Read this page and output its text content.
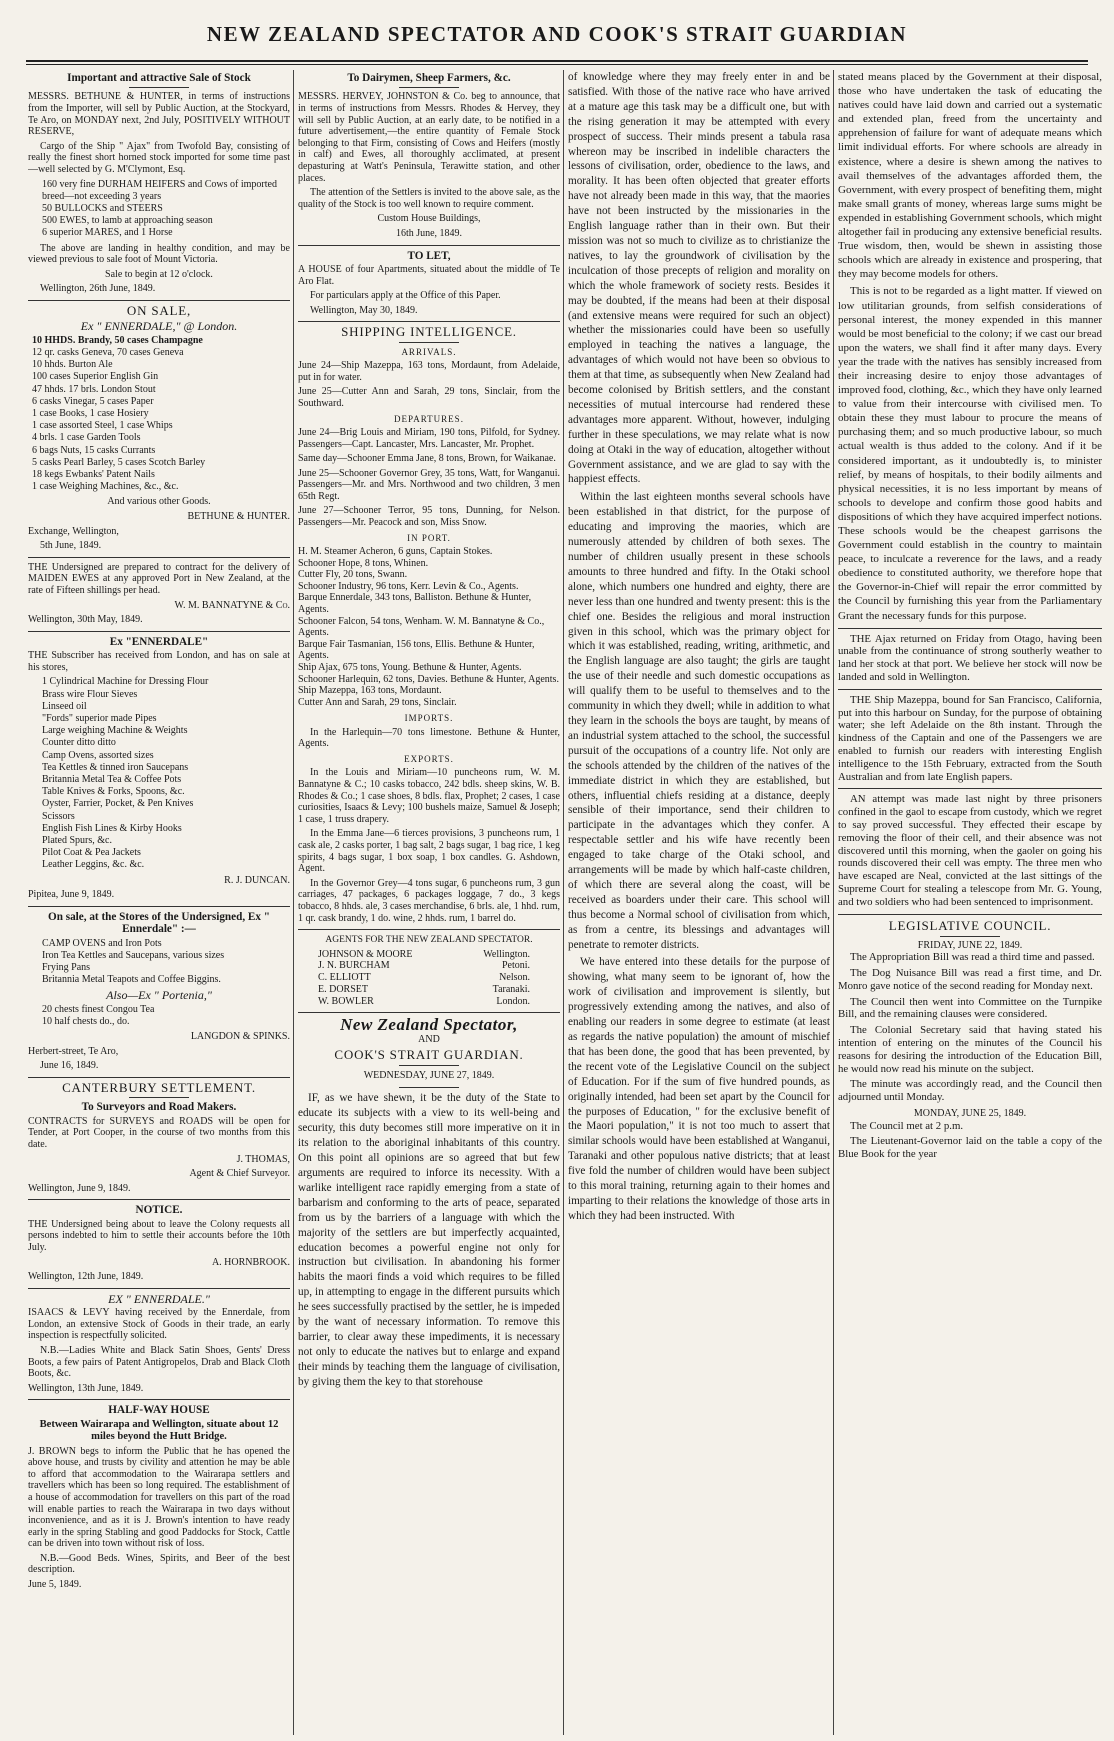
NEW ZEALAND SPECTATOR AND COOK'S STRAIT GUARDIAN
Important and attractive Sale of Stock

MESSRS. BETHUNE & HUNTER, in terms of instructions from the Importer, will sell by Public Auction, at the Stockyard, Te Aro, on MONDAY next, 2nd July, POSITIVELY WITHOUT RESERVE,

Cargo of the Ship " Ajax" from Twofold Bay, consisting of really the finest short horned stock imported for some time past—well selected by G. M'Clymont, Esq.

160 very fine DURHAM HEIFERS and Cows of imported breed—not exceeding 3 years
50 BULLOCKS and STEERS
500 EWES, to lamb at approaching season
6 superior MARES, and 1 Horse

The above are landing in healthy condition, and may be viewed previous to sale foot of Mount Victoria.

Sale to begin at 12 o'clock.

Wellington, 26th June, 1849.

ON SALE,
Ex " ENNERDALE," @ London.
10 HHDS. Brandy, 50 cases Champagne
12 qr. casks Geneva, 70 cases Geneva
10 hhds. Burton Ale
100 cases Superior English Gin
47 hhds. 17 brls. London Stout
6 casks Vinegar, 5 cases Paper
1 case Books, 1 case Hosiery
1 case assorted Steel, 1 case Whips
4 brls. 1 case Garden Tools
6 bags Nuts, 15 casks Currants
5 casks Pearl Barley, 5 cases Scotch Barley
18 kegs Ewbanks' Patent Nails
1 case Weighing Machines, &c., &c.

And various other Goods.

BETHUNE & HUNTER.

Exchange, Wellington,

5th June, 1849.

THE Undersigned are prepared to contract for the delivery of MAIDEN EWES at any approved Port in New Zealand, at the rate of Fifteen shillings per head.

W. M. BANNATYNE & Co.

Wellington, 30th May, 1849.

Ex "ENNERDALE"

THE Subscriber has received from London, and has on sale at his stores,

1 Cylindrical Machine for Dressing Flour
Brass wire Flour Sieves
Linseed oil
"Fords" superior made Pipes
Large weighing Machine & Weights
Counter ditto ditto
Camp Ovens, assorted sizes
Tea Kettles & tinned iron Saucepans
Britannia Metal Tea & Coffee Pots
Table Knives & Forks, Spoons, &c.
Oyster, Farrier, Pocket, & Pen Knives
Scissors
English Fish Lines & Kirby Hooks
Plated Spurs, &c.
Pilot Coat & Pea Jackets
Leather Leggins, &c. &c.

R. J. DUNCAN.

Pipitea, June 9, 1849.

On sale, at the Stores of the Undersigned, Ex " Ennerdale" :—
CAMP OVENS and Iron Pots
Iron Tea Kettles and Saucepans, various sizes
Frying Pans
Britannia Metal Teapots and Coffee Biggins.
Also—Ex " Portenia,"
20 chests finest Congou Tea
10 half chests do., do.

LANGDON & SPINKS.

Herbert-street, Te Aro,

June 16, 1849.

CANTERBURY SETTLEMENT.
To Surveyors and Road Makers.

CONTRACTS for SURVEYS and ROADS will be open for Tender, at Port Cooper, in the course of two months from this date.

J. THOMAS,

Agent & Chief Surveyor.

Wellington, June 9, 1849.

NOTICE.

THE Undersigned being about to leave the Colony requests all persons indebted to him to settle their accounts before the 10th July.

A. HORNBROOK.

Wellington, 12th June, 1849.

EX " ENNERDALE."

ISAACS & LEVY having received by the Ennerdale, from London, an extensive Stock of Goods in their trade, an early inspection is respectfully solicited.

N.B.—Ladies White and Black Satin Shoes, Gents' Dress Boots, a few pairs of Patent Antigropelos, Drab and Black Cloth Boots, &c.

Wellington, 13th June, 1849.

HALF-WAY HOUSE
Between Wairarapa and Wellington, situate about 12 miles beyond the Hutt Bridge.

J. BROWN begs to inform the Public that he has opened the above house, and trusts by civility and attention he may be able to afford that accommodation to the Wairarapa settlers and travellers which has been so long required. The establishment of a house of accommodation for travellers on this part of the road will enable parties to reach the Wairarapa in two days without inconvenience, and as it is J. Brown's intention to have ready early in the spring Stabling and good Paddocks for Stock, Cattle can be driven into town without risk of loss.

N.B.—Good Beds. Wines, Spirits, and Beer of the best description.

June 5, 1849.

To Dairymen, Sheep Farmers, &c.

MESSRS. HERVEY, JOHNSTON & Co. beg to announce, that in terms of instructions from Messrs. Rhodes & Hervey, they will sell by Public Auction, at an early date, to be notified in a future advertisement,—the entire quantity of Female Stock belonging to that Firm, consisting of Cows and Heifers (mostly in calf) and Ewes, all thoroughly acclimated, at present depasturing at Watt's Peninsula, Terawitte station, and other places.

The attention of the Settlers is invited to the above sale, as the quality of the Stock is too well known to require comment.

Custom House Buildings,

16th June, 1849.

TO LET,

A HOUSE of four Apartments, situated about the middle of Te Aro Flat.

For particulars apply at the Office of this Paper.

Wellington, May 30, 1849.

SHIPPING INTELLIGENCE.
ARRIVALS.

June 24—Ship Mazeppa, 163 tons, Mordaunt, from Adelaide, put in for water.

June 25—Cutter Ann and Sarah, 29 tons, Sinclair, from the Southward.

DEPARTURES.

June 24—Brig Louis and Miriam, 190 tons, Pilfold, for Sydney. Passengers—Capt. Lancaster, Mrs. Lancaster, Mr. Prophet.

Same day—Schooner Emma Jane, 8 tons, Brown, for Waikanae.

June 25—Schooner Governor Grey, 35 tons, Watt, for Wanganui. Passengers—Mr. and Mrs. Northwood and two children, 3 men 65th Regt.

June 27—Schooner Terror, 95 tons, Dunning, for Nelson. Passengers—Mr. Peacock and son, Miss Snow.

IN PORT.
H. M. Steamer Acheron, 6 guns, Captain Stokes.
Schooner Hope, 8 tons, Whinen.
Cutter Fly, 20 tons, Swann.
Schooner Industry, 96 tons, Kerr. Levin & Co., Agents.
Barque Ennerdale, 343 tons, Balliston. Bethune & Hunter, Agents.
Schooner Falcon, 54 tons, Wenham. W. M. Bannatyne & Co., Agents.
Barque Fair Tasmanian, 156 tons, Ellis. Bethune & Hunter, Agents.
Ship Ajax, 675 tons, Young. Bethune & Hunter, Agents.
Schooner Harlequin, 62 tons, Davies. Bethune & Hunter, Agents.
Ship Mazeppa, 163 tons, Mordaunt.
Cutter Ann and Sarah, 29 tons, Sinclair.
IMPORTS.

In the Harlequin—70 tons limestone. Bethune & Hunter, Agents.

EXPORTS.

In the Louis and Miriam—10 puncheons rum, W. M. Bannatyne & C.; 10 casks tobacco, 242 bdls. sheep skins, W. B. Rhodes & Co.; 1 case shoes, 8 bdls. flax, Prophet; 2 cases, 1 case curiosities, Isaacs & Levy; 100 bushels maize, Samuel & Joseph; 1 case, 1 truss drapery.

In the Emma Jane—6 tierces provisions, 3 puncheons rum, 1 cask ale, 2 casks porter, 1 bag salt, 2 bags sugar, 1 bag rice, 1 keg spirits, 4 bags sugar, 1 box soap, 1 box candles. G. Ashdown, Agent.

In the Governor Grey—4 tons sugar, 6 puncheons rum, 3 gun carriages, 47 packages, 6 packages loggage, 7 do., 3 kegs tobacco, 8 hhds. ale, 3 cases merchandise, 6 brls. ale, 1 hhd. rum, 1 qr. cask brandy, 1 do. wine, 2 hhds. rum, 1 barrel do.

AGENTS FOR THE NEW ZEALAND SPECTATOR.
JOHNSON & MOORE	Wellington.
J. N. BURCHAM	Petoni.
C. ELLIOTT	Nelson.
E. DORSET	Taranaki.
W. BOWLER	London.
New Zealand Spectator,
AND
COOK'S STRAIT GUARDIAN.
WEDNESDAY, JUNE 27, 1849.

IF, as we have shewn, it be the duty of the State to educate its subjects with a view to its well-being and security, this duty becomes still more imperative on it in its relation to the aboriginal inhabitants of this country. On this point all opinions are so agreed that but few arguments are required to inforce its necessity. With a warlike intelligent race rapidly emerging from a state of barbarism and conforming to the arts of peace, separated from us by the barriers of a language with which the majority of the settlers are but imperfectly acquainted, education becomes a powerful engine not only for instruction but civilisation. In abandoning his former habits the maori finds a void which requires to be filled up, in attempting to engage in the different pursuits which he sees successfully practised by the settler, he is impeded by the want of necessary information. To remove this barrier, to clear away these impediments, it is necessary not only to educate the natives but to enlarge and expand their minds by teaching them the language of civilisation, by giving them the key to that storehouse

of knowledge where they may freely enter in and be satisfied. With those of the native race who have arrived at a mature age this task may be a difficult one, but with the rising generation it may be attempted with every prospect of success. Their minds present a tabula rasa whereon may be inscribed in indelible characters the lessons of civilisation, order, obedience to the laws, and morality. It has been often objected that greater efforts have not already been made in this way, that the maories have not been instructed by the missionaries in the English language rather than in their own. But their mission was not so much to civilize as to christianize the natives, to lay the groundwork of civilisation by the inculcation of those precepts of religion and morality on which the whole framework of society rests. Besides it may be doubted, if the means had been at their disposal (and extensive means were required for such an object) whether the missionaries could have been so usefully employed in teaching the natives a language, the advantages of which would not have been so obvious to them at that time, as subsequently when New Zealand had become colonised by British settlers, and the constant necessities of mutual intercourse had rendered these advantages more apparent. Without, however, indulging further in these speculations, we may relate what is now doing at Otaki in the way of education, altogether without Government assistance, and we are glad to say with the happiest effects.

Within the last eighteen months several schools have been established in that district, for the purpose of educating and improving the maories, which are numerously attended by children of both sexes. The number of children usually present in these schools amounts to three hundred and fifty. In the Otaki school alone, which numbers one hundred and eighty, there are never less than one hundred and twenty present: this is the chief one. Besides the religious and moral instruction given in this school, which was the primary object for which it was established, reading, writing, arithmetic, and the English language are also taught; the girls are taught the use of their needle and such domestic occupations as will qualify them to be useful to themselves and to the community in which they dwell; while in addition to what they learn in the schools the boys are taught, by means of an industrial system attached to the school, the successful pursuit of the occupations of a country life. Not only are the schools attended by the children of the natives of the immediate district in which they are established, but others, influential chiefs residing at a distance, deeply sensible of their importance, send their children to participate in the advantages which they confer. A respectable settler and his wife have recently been engaged to take charge of the Otaki school, and arrangements will be made by which half-caste children, of which there are several along the coast, will be received as boarders under their care. This school will thus become a Normal school of civilisation from which, as from a centre, its blessings and advantages will penetrate to remoter districts.

We have entered into these details for the purpose of showing, what many seem to be ignorant of, how the work of civilisation and improvement is silently, but progressively extending among the natives, and also of enabling our readers in some degree to estimate (at least as regards the native population) the amount of mischief that has been done, the good that has been prevented, by the recent vote of the Legislative Council on the subject of Education. For if the sum of five hundred pounds, as originally intended, had been set apart by the Council for the purposes of Education, " for the exclusive benefit of the Maori population," it is not too much to assert that similar schools would have been established at Wanganui, Taranaki and other populous native districts; that at least five fold the number of children would have been subject to this moral training, returning again to their homes and imparting to their relations the knowledge of those arts in which they had been instructed. With

stated means placed by the Government at their disposal, those who have undertaken the task of educating the natives could have laid down and carried out a systematic and extended plan, freed from the uncertainty and apprehension of failure for want of adequate means which limit individual efforts. For where schools are already in existence, where a desire is shewn among the natives to avail themselves of the advantages afforded them, the Government, with every prospect of benefiting them, might make small grants of money, whereas large sums might be expended in establishing Government schools, which might altogether fail in producing any extensive beneficial results. True wisdom, then, would be shewn in assisting those schools which are already in existence and prospering, that they may become models for others.

This is not to be regarded as a light matter. If viewed on low utilitarian grounds, from selfish considerations of personal interest, the money expended in this manner would be most beneficial to the colony; if we cast our bread upon the waters, we shall find it after many days. Every year the trade with the natives has sensibly increased from their increasing desire to enjoy those advantages of improved food, clothing, &c., which they have only learned to value from their intercourse with civilised men. To obtain these they must labour to procure the means of purchasing them; and so much productive labour, so much actual wealth is thus added to the colony. And if it be considered important, as it undoubtedly is, to minister relief, by means of hospitals, to their bodily ailments and physical necessities, it is no less important by means of schools to develope and confirm those good habits and dispositions of which they have acquired imperfect notions. These schools would be the cheapest garrisons the Government could establish in the country to maintain peace, to inculcate a reverence for the laws, and a ready obedience to constituted authority, we therefore hope that the Governor-in-Chief will repair the error committed by the Council by furnishing this year from the Parliamentary Grant the necessary funds for this purpose.

THE Ajax returned on Friday from Otago, having been unable from the continuance of strong southerly weather to land her stock at that port. We believe her stock will now be landed and sold in Wellington.

THE Ship Mazeppa, bound for San Francisco, California, put into this harbour on Sunday, for the purpose of obtaining water; she left Adelaide on the 8th instant. Through the kindness of the Captain and one of the Passengers we are enabled to furnish our readers with interesting English intelligence to the 15th February, extracted from the South Australian and from late English papers.

AN attempt was made last night by three prisoners confined in the gaol to escape from custody, which we regret to say proved successful. They effected their escape by removing the floor of their cell, and their absence was not discovered until this morning, when the gaoler on going his rounds discovered their cell was empty. The three men who have escaped are Neal, convicted at the last sittings of the Supreme Court for stealing a telescope from Mr. G. Young, and two soldiers who had been sentenced to imprisonment.

LEGISLATIVE COUNCIL.
FRIDAY, JUNE 22, 1849.

The Appropriation Bill was read a third time and passed.

The Dog Nuisance Bill was read a first time, and Dr. Monro gave notice of the second reading for Monday next.

The Council then went into Committee on the Turnpike Bill, and the remaining clauses were considered.

The Colonial Secretary said that having stated his intention of entering on the minutes of the Council his reasons for desiring the introduction of the Education Bill, he would now read his minute on the subject.

The minute was accordingly read, and the Council then adjourned until Monday.

MONDAY, JUNE 25, 1849.

The Council met at 2 p.m.

The Lieutenant-Governor laid on the table a copy of the Blue Book for the year
